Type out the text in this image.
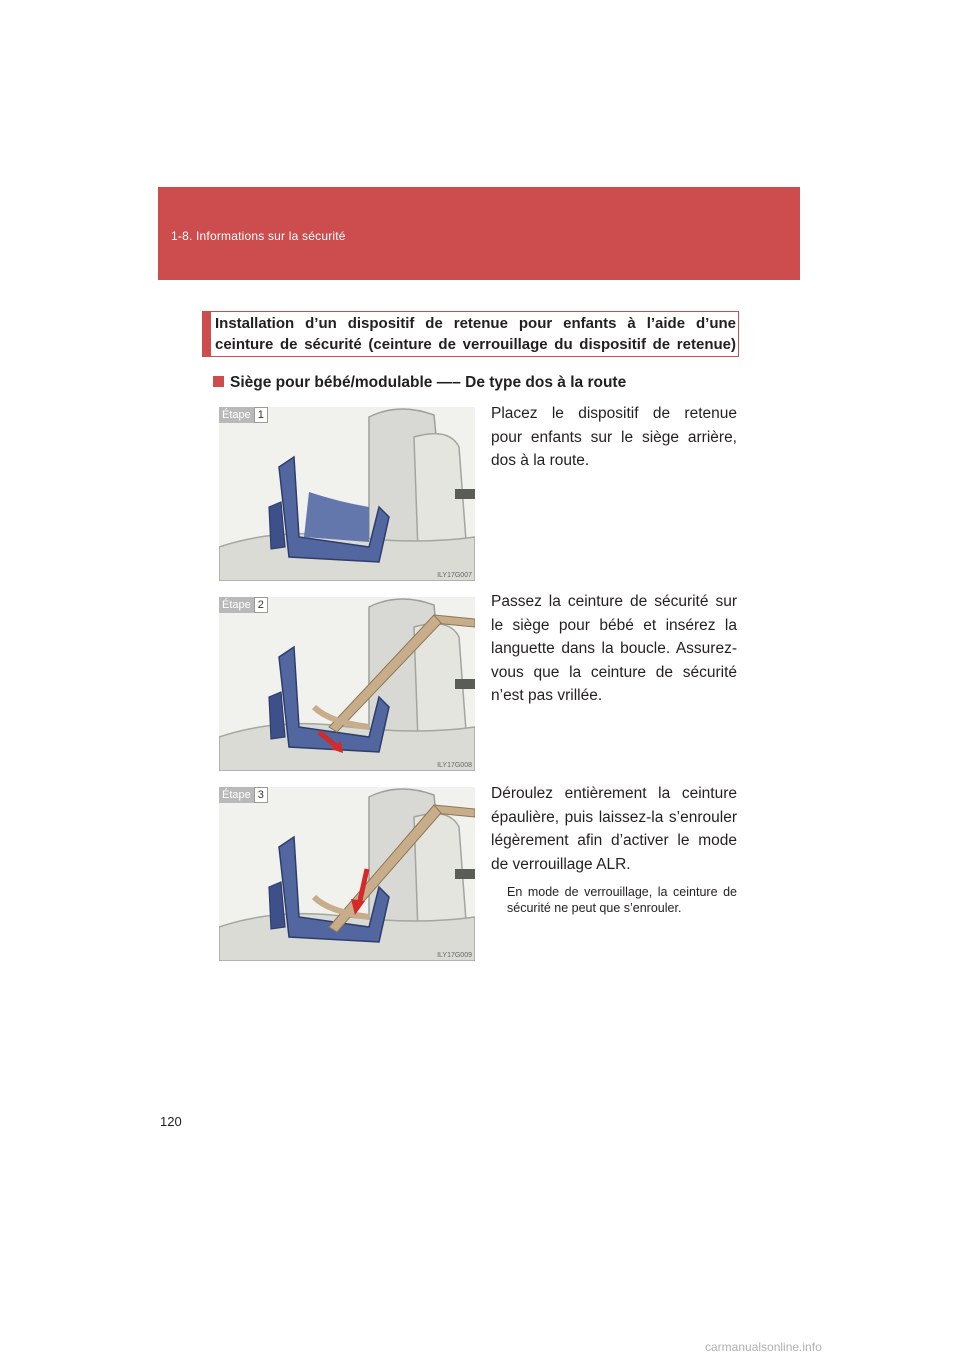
1-8. Informations sur la sécurité
Installation d’un dispositif de retenue pour enfants à l’aide d’une
ceinture de sécurité (ceinture de verrouillage du dispositif de retenue)
Siège pour bébé/modulable —– De type dos à la route
Étape 1
ILY17G007
Placez le dispositif de retenue
pour enfants sur le siège arrière,
dos à la route.
Étape 2
ILY17G008
Passez la ceinture de sécurité sur
le siège pour bébé et insérez la
languette dans la boucle. Assurez-
vous que la ceinture de sécurité
n’est pas vrillée.
Étape 3
ILY17G009
Déroulez entièrement la ceinture
épaulière, puis laissez-la s’enrouler
légèrement afin d’activer le mode
de verrouillage ALR.
En mode de verrouillage, la ceinture de sécurité ne peut que s’enrouler.
120
carmanualsonline.info
